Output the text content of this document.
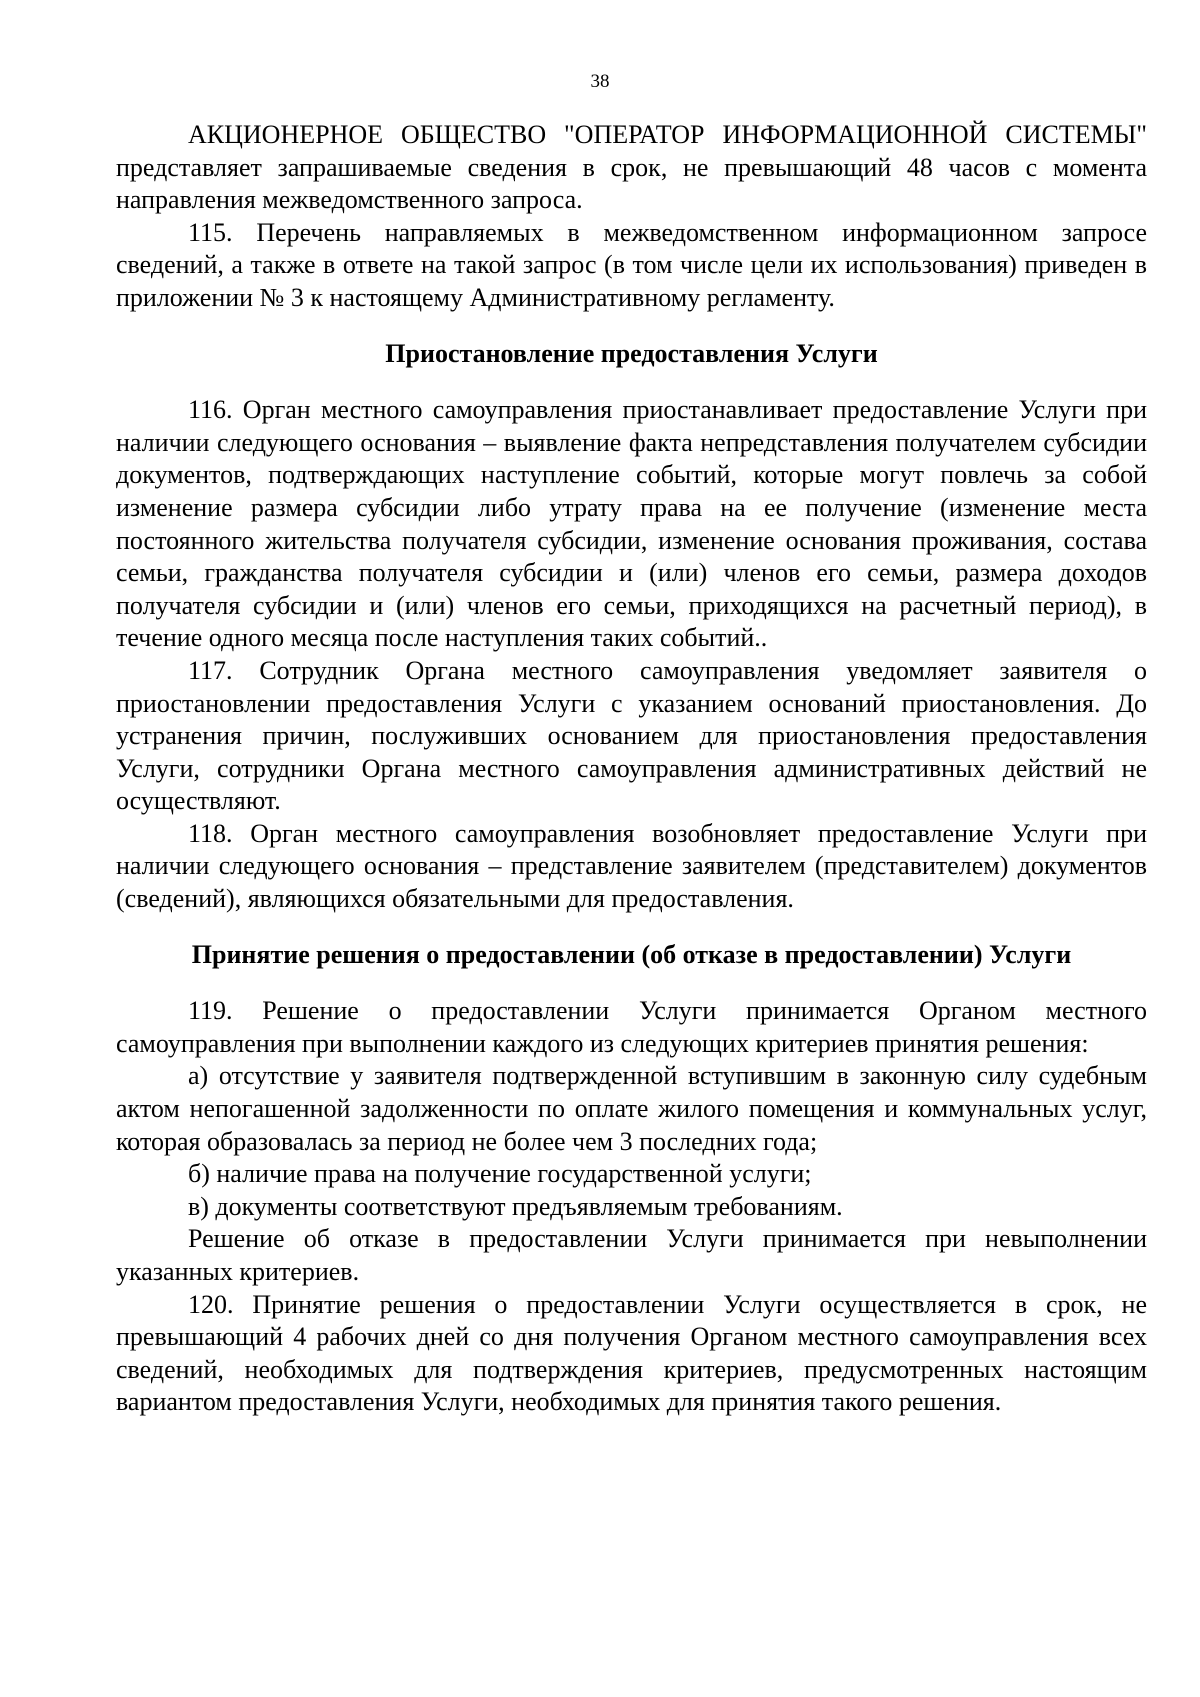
38

АКЦИОНЕРНОЕ ОБЩЕСТВО "ОПЕРАТОР ИНФОРМАЦИОННОЙ СИСТЕМЫ" представляет запрашиваемые сведения в срок, не превышающий 48 часов с момента направления межведомственного запроса.

115. Перечень направляемых в межведомственном информационном запросе сведений, а также в ответе на такой запрос (в том числе цели их использования) приведен в приложении № 3 к настоящему Административному регламенту.

Приостановление предоставления Услуги

116. Орган местного самоуправления приостанавливает предоставление Услуги при наличии следующего основания – выявление факта непредставления получателем субсидии документов, подтверждающих наступление событий, которые могут повлечь за собой изменение размера субсидии либо утрату права на ее получение (изменение места постоянного жительства получателя субсидии, изменение основания проживания, состава семьи, гражданства получателя субсидии и (или) членов его семьи, размера доходов получателя субсидии и (или) членов его семьи, приходящихся на расчетный период), в течение одного месяца после наступления таких событий..

117. Сотрудник Органа местного самоуправления уведомляет заявителя о приостановлении предоставления Услуги с указанием оснований приостановления. До устранения причин, послуживших основанием для приостановления предоставления Услуги, сотрудники Органа местного самоуправления административных действий не осуществляют.

118. Орган местного самоуправления возобновляет предоставление Услуги при наличии следующего основания – представление заявителем (представителем) документов (сведений), являющихся обязательными для предоставления.

Принятие решения о предоставлении (об отказе в предоставлении) Услуги

119. Решение о предоставлении Услуги принимается Органом местного самоуправления при выполнении каждого из следующих критериев принятия решения:

а) отсутствие у заявителя подтвержденной вступившим в законную силу судебным актом непогашенной задолженности по оплате жилого помещения и коммунальных услуг, которая образовалась за период не более чем 3 последних года;

б) наличие права на получение государственной услуги;

в) документы соответствуют предъявляемым требованиям.

Решение об отказе в предоставлении Услуги принимается при невыполнении указанных критериев.

120. Принятие решения о предоставлении Услуги осуществляется в срок, не превышающий 4 рабочих дней со дня получения Органом местного самоуправления всех сведений, необходимых для подтверждения критериев, предусмотренных настоящим вариантом предоставления Услуги, необходимых для принятия такого решения.
